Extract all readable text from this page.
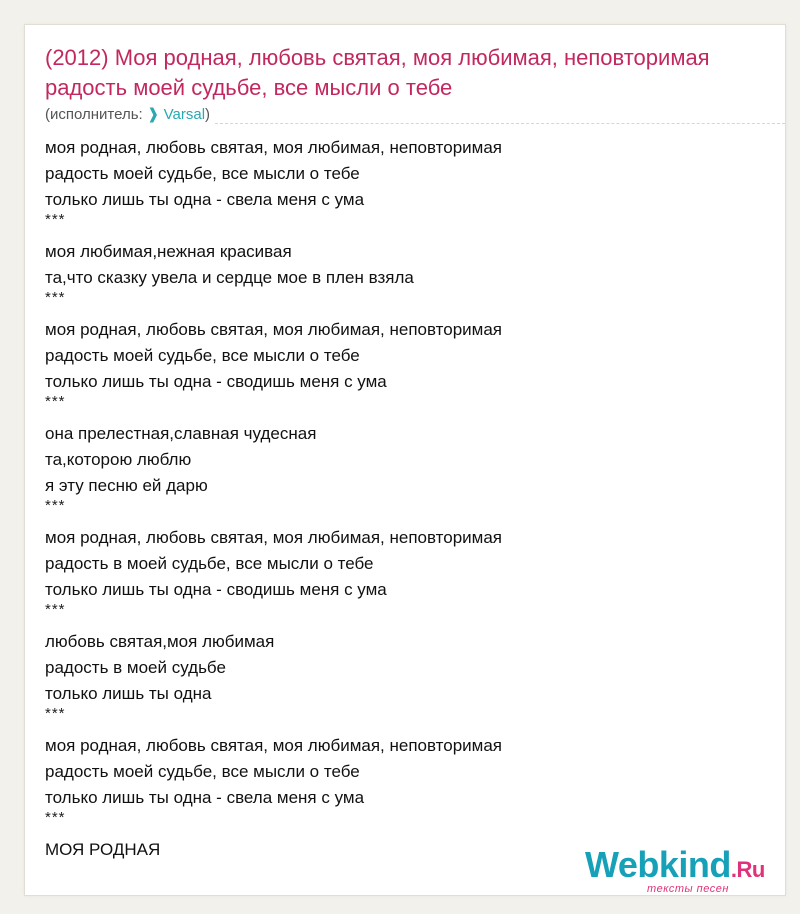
(2012) Моя родная, любовь святая, моя любимая, неповторимая радость моей судьбе, все мысли о тебе
(исполнитель: ❱ Varsal)
моя родная, любовь святая, моя любимая, неповторимая
радость моей судьбе, все мысли о тебе
только лишь ты одна - свела меня с ума
***
моя любимая,нежная красивая
та,что сказку увела и сердце мое в плен взяла
***
моя родная, любовь святая, моя любимая, неповторимая
радость моей судьбе, все мысли о тебе
только лишь ты одна - сводишь меня с ума
***
она прелестная,славная чудесная
та,которою люблю
я эту песню ей дарю
***
моя родная, любовь святая, моя любимая, неповторимая
радость в моей судьбе, все мысли о тебе
только лишь ты одна - сводишь меня с ума
***
любовь святая,моя любимая
радость в моей судьбе
только лишь ты одна
***
моя родная, любовь святая, моя любимая, неповторимая
радость моей судьбе, все мысли о тебе
только лишь ты одна - свела меня с ума
***
МОЯ РОДНАЯ	Webkind.Ru
тексты песен
